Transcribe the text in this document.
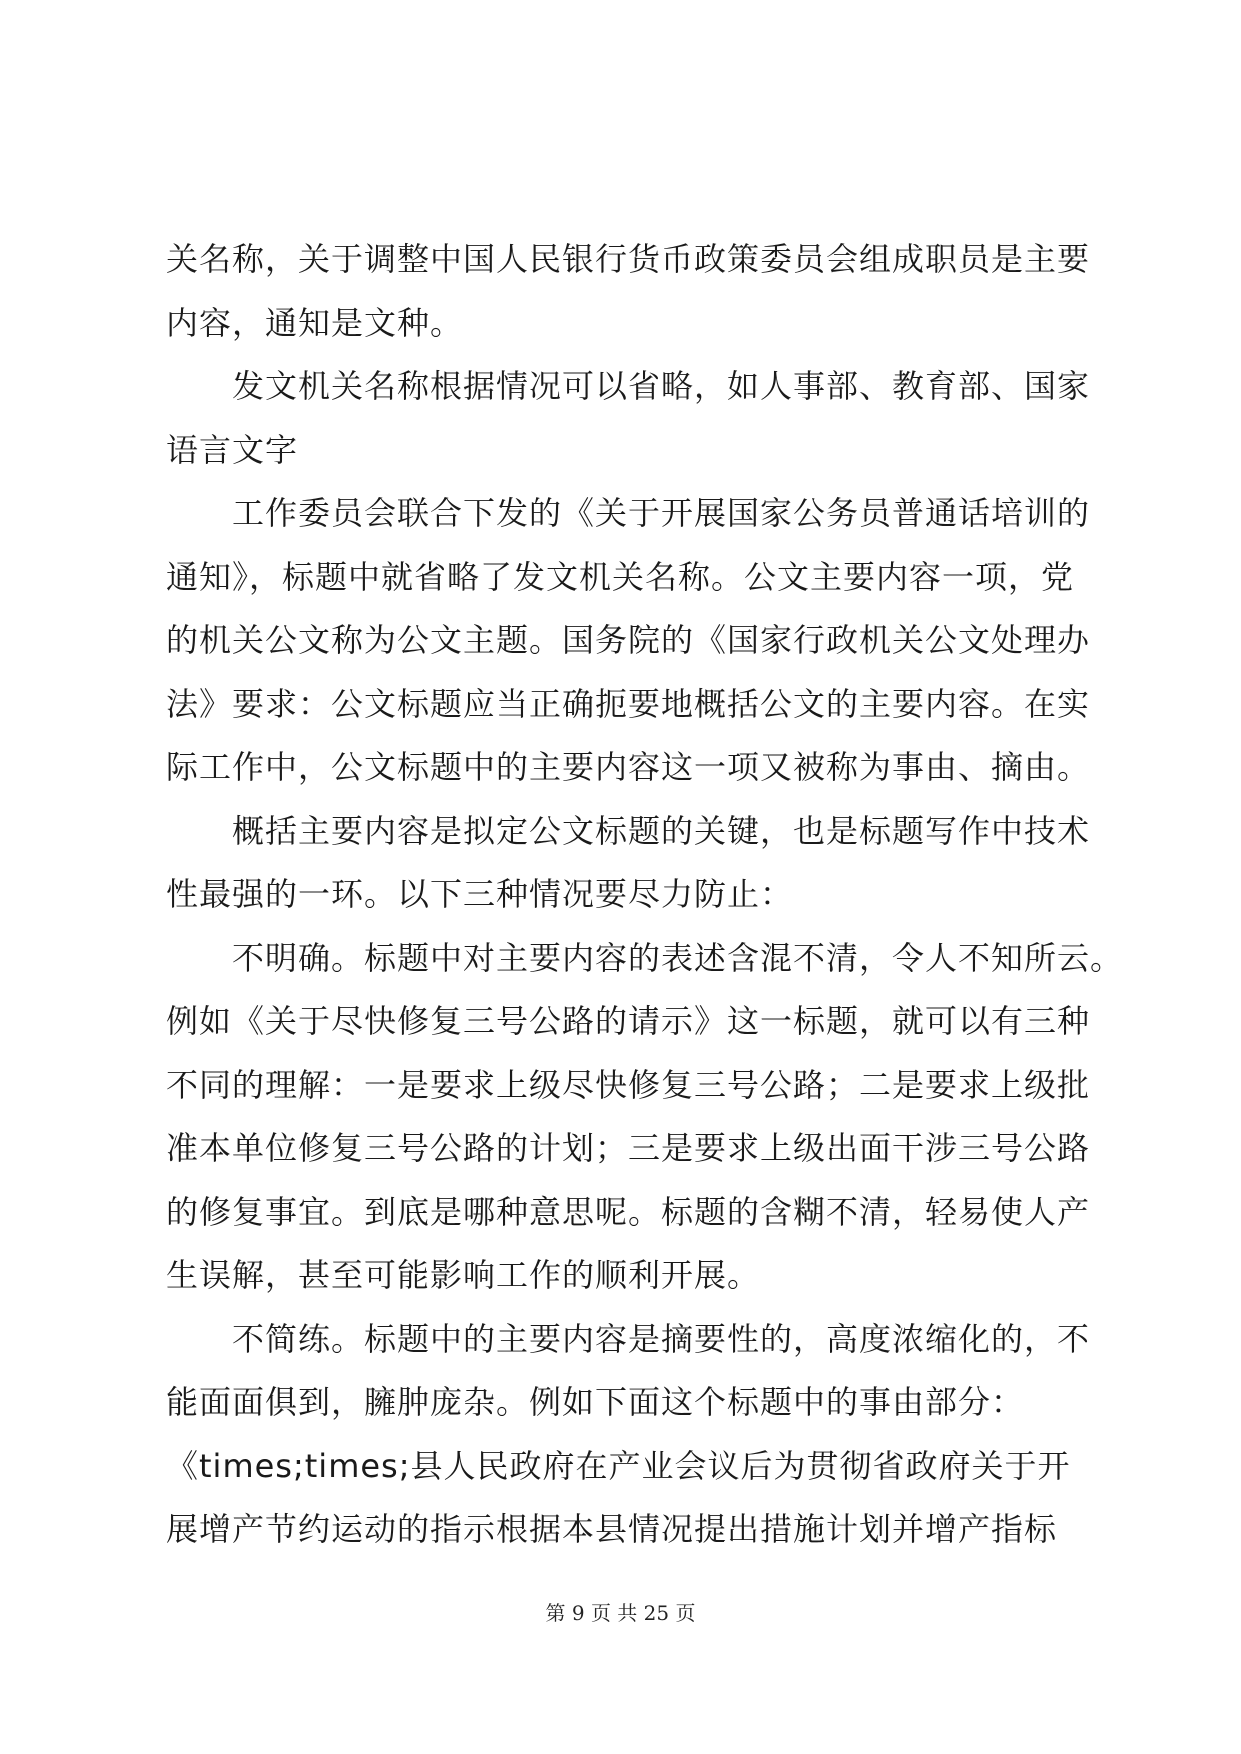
关名称，关于调整中国人民银行货币政策委员会组成职员是主要
内容，通知是文种。
发文机关名称根据情况可以省略，如人事部、教育部、国家
语言文字
工作委员会联合下发的《关于开展国家公务员普通话培训的
通知》，标题中就省略了发文机关名称。公文主要内容一项，党
的机关公文称为公文主题。国务院的《国家行政机关公文处理办
法》要求：公文标题应当正确扼要地概括公文的主要内容。在实
际工作中，公文标题中的主要内容这一项又被称为事由、摘由。
概括主要内容是拟定公文标题的关键，也是标题写作中技术
性最强的一环。以下三种情况要尽力防止：
不明确。标题中对主要内容的表述含混不清，令人不知所云。
例如《关于尽快修复三号公路的请示》这一标题，就可以有三种
不同的理解：一是要求上级尽快修复三号公路；二是要求上级批
准本单位修复三号公路的计划；三是要求上级出面干涉三号公路
的修复事宜。到底是哪种意思呢。标题的含糊不清，轻易使人产
生误解，甚至可能影响工作的顺利开展。
不简练。标题中的主要内容是摘要性的，高度浓缩化的，不
能面面俱到，臃肿庞杂。例如下面这个标题中的事由部分：
《times;times;县人民政府在产业会议后为贯彻省政府关于开
展增产节约运动的指示根据本县情况提出措施计划并增产指标
第 9 页 共 25 页
